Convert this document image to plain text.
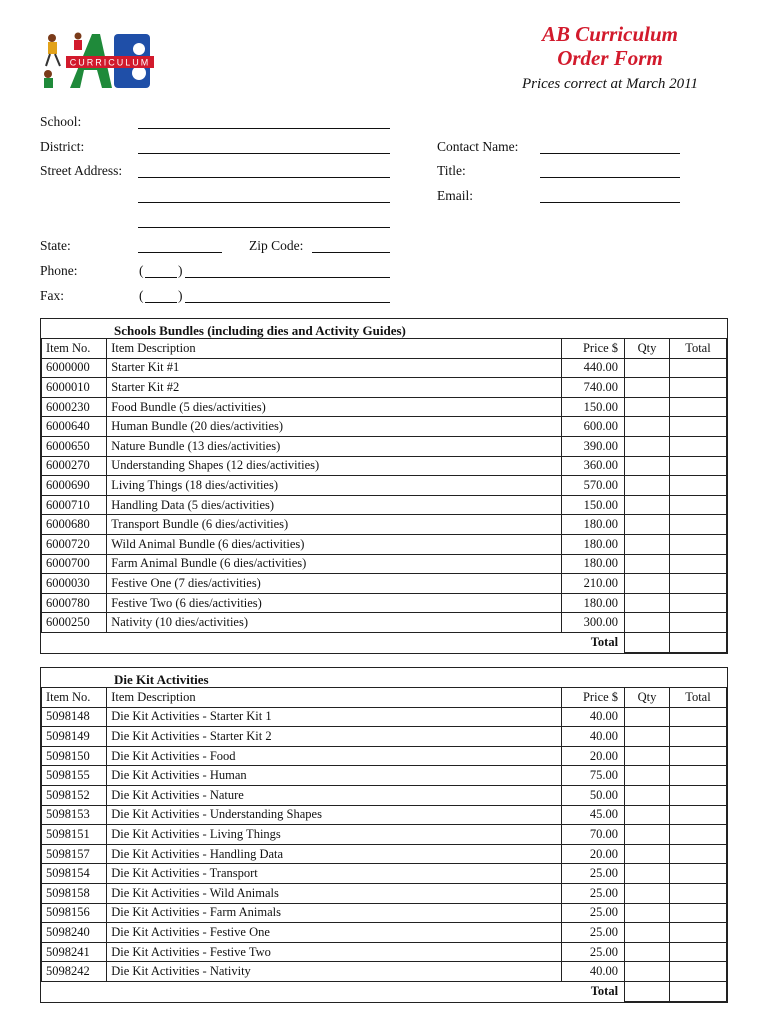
CURRICULUM
AB Curriculum
Order Form
Prices correct at March 2011
School:
District:
Street Address:
State:	Zip Code:
Phone:	(	)
Fax:	(	)
Contact Name:
Title:
Email:
Schools Bundles (including dies and Activity Guides)
Item No.	Item Description	Price $	Qty	Total
6000000	Starter Kit #1	440.00		
6000010	Starter Kit #2	740.00		
6000230	Food Bundle (5 dies/activities)	150.00		
6000640	Human Bundle (20 dies/activities)	600.00		
6000650	Nature Bundle (13 dies/activities)	390.00		
6000270	Understanding Shapes (12 dies/activities)	360.00		
6000690	Living Things (18 dies/activities)	570.00		
6000710	Handling Data (5 dies/activities)	150.00		
6000680	Transport Bundle (6 dies/activities)	180.00		
6000720	Wild Animal Bundle (6 dies/activities)	180.00		
6000700	Farm Animal Bundle (6 dies/activities)	180.00		
6000030	Festive One (7 dies/activities)	210.00		
6000780	Festive Two (6 dies/activities)	180.00		
6000250	Nativity (10 dies/activities)	300.00		
	Total			
Die Kit Activities
Item No.	Item Description	Price $	Qty	Total
5098148	Die Kit Activities - Starter Kit 1	40.00		
5098149	Die Kit Activities - Starter Kit 2	40.00		
5098150	Die Kit Activities - Food	20.00		
5098155	Die Kit Activities - Human	75.00		
5098152	Die Kit Activities - Nature	50.00		
5098153	Die Kit Activities - Understanding Shapes	45.00		
5098151	Die Kit Activities - Living Things	70.00		
5098157	Die Kit Activities - Handling Data	20.00		
5098154	Die Kit Activities - Transport	25.00		
5098158	Die Kit Activities - Wild Animals	25.00		
5098156	Die Kit Activities - Farm Animals	25.00		
5098240	Die Kit Activities - Festive One	25.00		
5098241	Die Kit Activities - Festive Two	25.00		
5098242	Die Kit Activities - Nativity	40.00		
	Total			
